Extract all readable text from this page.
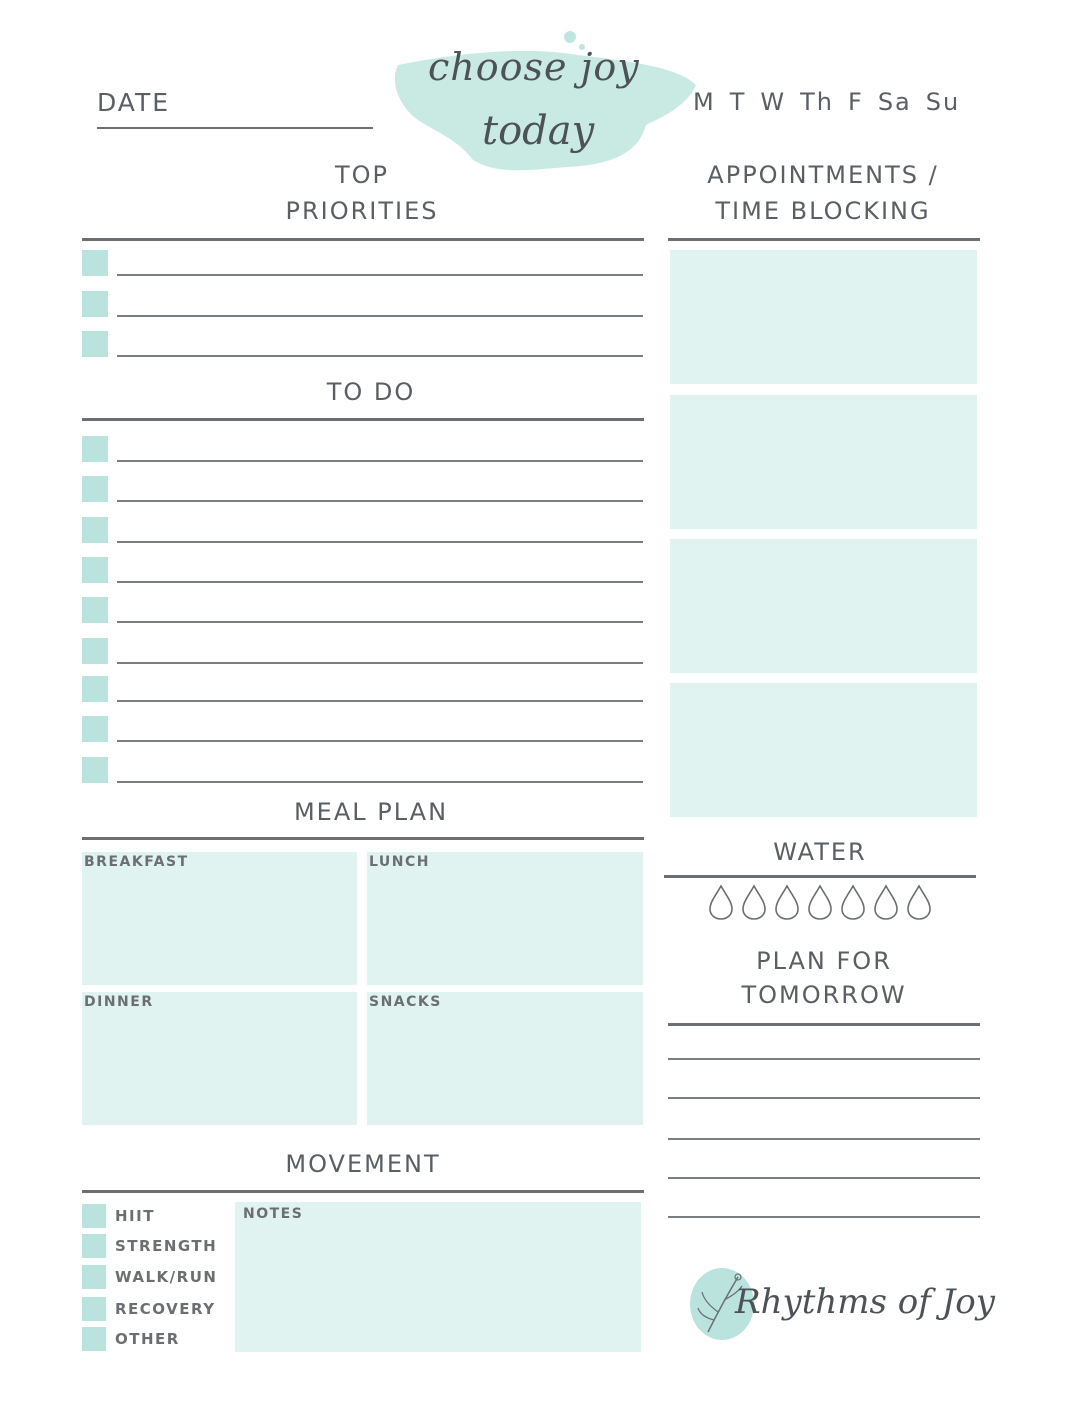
DATE
choose joy
today
M T W Th F Sa Su
TOP
PRIORITIES
TO DO
MEAL PLAN
BREAKFAST	LUNCH
DINNER	SNACKS
MOVEMENT
HIIT
STRENGTH
WALK/RUN
RECOVERY
OTHER
NOTES
APPOINTMENTS /
TIME BLOCKING
WATER
PLAN FOR
TOMORROW
Rhythms of Joy
